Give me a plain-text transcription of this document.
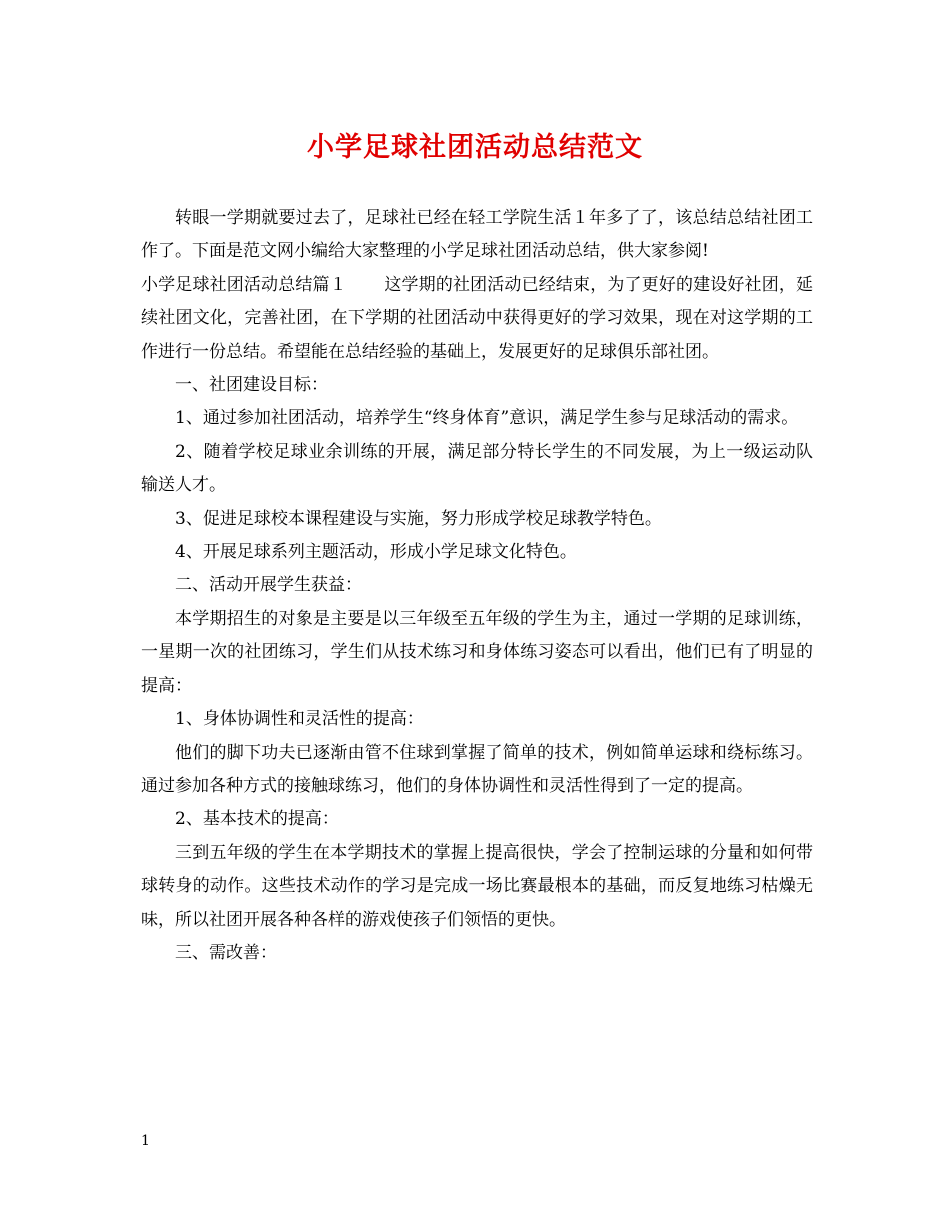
小学足球社团活动总结范文

转眼一学期就要过去了，足球社已经在轻工学院生活１年多了了，该总结总结社团工作了。下面是范文网小编给大家整理的小学足球社团活动总结，供大家参阅!

小学足球社团活动总结篇１ 这学期的社团活动已经结束，为了更好的建设好社团，延续社团文化，完善社团，在下学期的社团活动中获得更好的学习效果，现在对这学期的工作进行一份总结。希望能在总结经验的基础上，发展更好的足球俱乐部社团。

一、社团建设目标：

1、通过参加社团活动，培养学生“终身体育”意识，满足学生参与足球活动的需求。

2、随着学校足球业余训练的开展，满足部分特长学生的不同发展，为上一级运动队输送人才。

3、促进足球校本课程建设与实施，努力形成学校足球教学特色。

4、开展足球系列主题活动，形成小学足球文化特色。

二、活动开展学生获益：

本学期招生的对象是主要是以三年级至五年级的学生为主，通过一学期的足球训练，一星期一次的社团练习，学生们从技术练习和身体练习姿态可以看出，他们已有了明显的提高：

1、身体协调性和灵活性的提高：

他们的脚下功夫已逐渐由管不住球到掌握了简单的技术，例如简单运球和绕标练习。通过参加各种方式的接触球练习，他们的身体协调性和灵活性得到了一定的提高。

2、基本技术的提高：

三到五年级的学生在本学期技术的掌握上提高很快，学会了控制运球的分量和如何带球转身的动作。这些技术动作的学习是完成一场比赛最根本的基础，而反复地练习枯燥无味，所以社团开展各种各样的游戏使孩子们领悟的更快。

三、需改善：

1
